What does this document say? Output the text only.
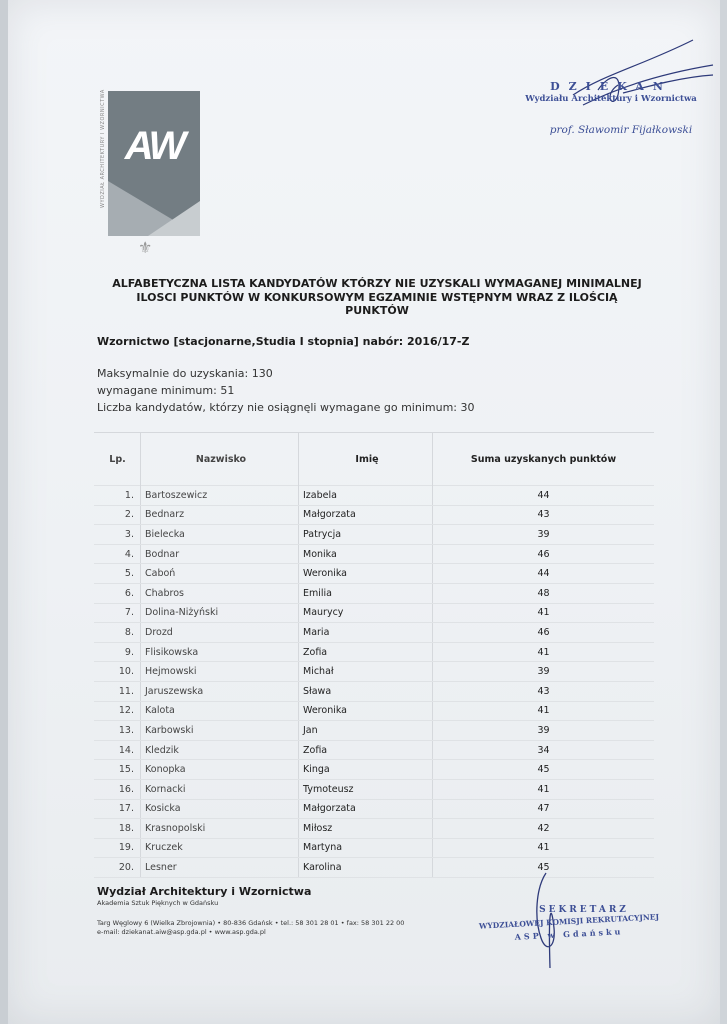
WYDZIAŁ ARCHITEKTURY I WZORNICTWA AW
⚜
DZIEKAN
Wydziału Architektury i Wzornictwa
prof. Sławomir Fijałkowski
ALFABETYCZNA LISTA KANDYDATÓW KTÓRZY NIE UZYSKALI WYMAGANEJ MINIMALNEJ
ILOSCI PUNKTÓW W KONKURSOWYM EGZAMINIE WSTĘPNYM WRAZ Z ILOŚCIĄ
PUNKTÓW
Wzornictwo [stacjonarne,Studia I stopnia] nabór: 2016/17-Z
Maksymalnie do uzyskania: 130
wymagane minimum: 51
Liczba kandydatów, którzy nie osiągnęli wymagane go minimum: 30
Lp.	Nazwisko	Imię	Suma uzyskanych punktów
1.	Bartoszewicz	Izabela	44
2.	Bednarz	Małgorzata	43
3.	Bielecka	Patrycja	39
4.	Bodnar	Monika	46
5.	Caboń	Weronika	44
6.	Chabros	Emilia	48
7.	Dolina-Niżyński	Maurycy	41
8.	Drozd	Maria	46
9.	Flisikowska	Zofia	41
10.	Hejmowski	Michał	39
11.	Jaruszewska	Sława	43
12.	Kalota	Weronika	41
13.	Karbowski	Jan	39
14.	Kledzik	Zofia	34
15.	Konopka	Kinga	45
16.	Kornacki	Tymoteusz	41
17.	Kosicka	Małgorzata	47
18.	Krasnopolski	Miłosz	42
19.	Kruczek	Martyna	41
20.	Lesner	Karolina	45
Wydział Architektury i Wzornictwa
Akademia Sztuk Pięknych w Gdańsku
Targ Węglowy 6 (Wielka Zbrojownia) • 80-836 Gdańsk • tel.: 58 301 28 01 • fax: 58 301 22 00
e-mail: dziekanat.aiw@asp.gda.pl • www.asp.gda.pl
SEKRETARZ
WYDZIAŁOWEJ KOMISJI REKRUTACYJNEJ
ASP w Gdańsku
